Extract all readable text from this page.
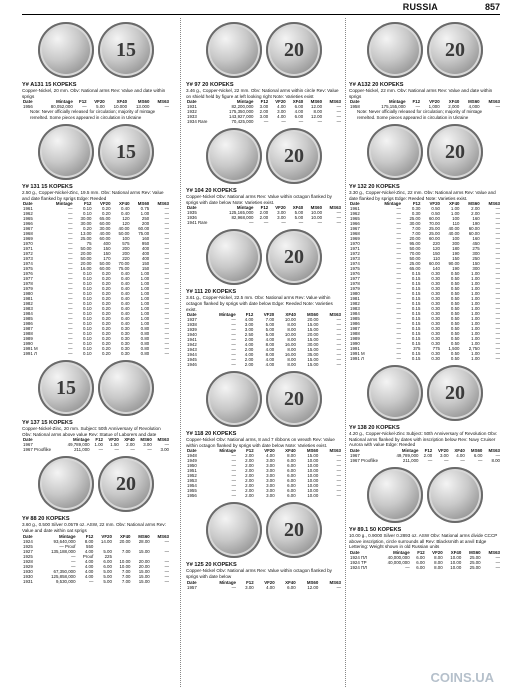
RUSSIA	857
15
Y# A131 15 KOPEKS
Copper-Nickel, 20 mm. Obv: National arms Rev: Value and date within sprigs
Date	Mintage	F12	VF20	XF40	MS60	MS63
1956	80,052,000	—	5.00	10.000	13.000	—
Note: Never officially released for circulation; majority of mintage remelted. Some pieces appeared in circulation in Ukraine
15
Y# 131 15 KOPEKS
2.50 g., Copper-Nickel-Zinc, 19.5 mm. Obv: National arms Rev: Value and date flanked by sprigs Edge: Reeded
Date	Mintage	F12	VF20	XF40	MS60	MS63
1961	—	0.10	0.20	0.40	0.75	—
1962	—	0.10	0.20	0.40	1.00	—
1965	—	30.00	65.00	120	250	—
1966	—	30.00	60.00	120	200	—
1967	—	0.20	30.00	40.00	60.00	—
1968	—	13.00	40.00	50.00	75.00	—
1969	—	25.00	60.00	100	160	—
1970	—	75	400	575	950	—
1971	—	50.00	150	200	400	—
1972	—	20.00	150	200	400	—
1973	—	50.00	170	220	400	—
1974	—	20.00	50.00	70.00	150	—
1975	—	16.00	60.00	75.00	150	—
1976	—	0.10	0.20	0.40	1.00	—
1977	—	0.10	0.20	0.40	1.00	—
1978	—	0.10	0.20	0.40	1.00	—
1979	—	0.10	0.20	0.40	1.00	—
1980	—	0.10	0.20	0.40	1.00	—
1981	—	0.10	0.20	0.40	1.00	—
1982	—	0.10	0.20	0.40	1.00	—
1983	—	0.10	0.20	0.40	1.00	—
1984	—	0.10	0.20	0.40	1.00	—
1985	—	0.10	0.20	0.40	1.00	—
1986	—	0.10	0.20	0.40	1.00	—
1987	—	0.10	0.20	0.30	0.80	—
1988	—	0.10	0.20	0.30	0.80	—
1989	—	0.10	0.20	0.30	0.80	—
1990	—	0.10	0.20	0.30	0.80	—
1991 M	—	0.10	0.20	0.30	0.80	—
1991 Л	—	0.10	0.20	0.30	0.80	—
15
Y# 137 15 KOPEKS
Copper-Nickel-Zinc, 20 mm. Subject: 50th Anniversary of Revolution Obv: National arms above value Rev: Statue of Laborers and date
Date	Mintage	F12	VF20	XF40	MS60	MS63
1967	49,789,000	1.00	1.50	2.00	3.00	—
1967 Prooflike	211,000	—	—	—	—	3.00
20
Y# 88 20 KOPEKS
3.60 g., 0.500 Silver 0.0579 oz. ASW, 22 mm. Obv: National arms Rev: Value and date within oat sprigs
Date	Mintage	F12	VF20	XF40	MS60	MS63
1924	93,640,000	8.00	14.00	20.00	28.00	—
1925	— Proof	550				
1927	135,188,000	4.00	5.00	7.00	15.00	—
1925	—	Proof	225			
1928	—	4.00	6.00	10.00	20.00	—
1929	—	4.00	6.00	10.00	20.00	—
1930	67,350,000	4.00	5.00	7.00	15.00	—
1930	125,858,000	4.00	5.00	7.00	15.00	—
1931	9,530,000	—	5.00	7.00	15.00	—
20
Y# 97 20 KOPEKS
3.46 g., Copper-Nickel, 22 mm. Obv: National arms within circle Rev: Value on shield held by figure at left looking right Note: Varieties exist
Date	Mintage	F12	VF20	XF40	MS60	MS63
1931	82,200,000	3.00	4.00	6.00	12.00	—
1932	175,350,000	2.00	3.00	4.00	8.00	—
1933	143,927,000	3.00	4.00	6.00	12.00	—
1934 Rare	70,425,000	—	—	—	—	—
20
Y# 104 20 KOPEKS
Copper-Nickel Obv: National arms Rev: Value within octagon flanked by sprigs with date below Note: Varieties exist.
Date	Mintage	F12	VF20	XF40	MS60	MS63
1935	125,165,000	2.00	3.00	5.00	10.00	—
1936	82,968,000	2.00	3.00	5.00	10.00	—
1941 Rare	—	—	—	—	—	—
20
Y# 111 20 KOPEKS
3.61 g., Copper-Nickel, 22.5 mm. Obv: National arms Rev: Value within octagon flanked by sprigs with date below Edge: Reeded Note: Varieties exist.
Date	Mintage	F12	VF20	XF40	MS60	MS63
1937	—	4.00	7.00	10.00	20.00	—
1938	—	3.00	5.00	8.00	15.00	—
1939	—	3.00	5.00	8.00	15.00	—
1940	—	2.50	5.00	10.00	20.00	—
1941	—	2.00	4.00	8.00	15.00	—
1942	—	4.00	8.00	16.00	30.00	—
1943	—	2.00	4.00	8.00	15.00	—
1944	—	4.00	8.00	16.00	35.00	—
1945	—	2.00	4.00	8.00	15.00	—
1946	—	2.00	4.00	8.00	15.00	—
20
Y# 118 20 KOPEKS
Copper-Nickel Obv: National arms, 8 and 7 ribbons on wreath Rev: Value within octagon flanked by sprigs with date below Note: Varieties exist.
Date	Mintage	F12	VF20	XF40	MS60	MS63
1948	—	2.00	4.00	8.00	15.00	—
1949	—	2.00	3.00	6.00	10.00	—
1950	—	2.00	3.00	6.00	10.00	—
1951	—	2.00	3.00	6.00	10.00	—
1952	—	2.00	3.00	6.00	10.00	—
1953	—	2.00	3.00	6.00	10.00	—
1954	—	2.00	3.00	6.00	10.00	—
1955	—	2.00	3.00	6.00	10.00	—
1956	—	2.00	3.00	6.00	10.00	—
20
Y# 125 20 KOPEKS
Copper-Nickel Obv: National arms Rev: Value within octagon flanked by sprigs with date below
Date	Mintage	F12	VF20	XF40	MS60	MS63
1957	—	3.00	4.00	6.00	12.00	—
20
Y# A132 20 KOPEKS
Copper-Nickel, 22 mm. Obv: National arms Rev: Value and date within sprigs
Date	Mintage	F12	VF20	XF40	MS60	MS63
1958	175,155,000	—	1,000	2,000	4,000	—
Note: Never officially released for circulation; majority of mintage remelted. Some pieces appeared in circulation in Ukraine
20
Y# 132 20 KOPEKS
3.30 g., Copper-Nickel-Zinc, 22 mm. Obv: National arms Rev: Value and date flanked by sprigs Edge: Reeded Note: Varieties exist.
Date	Mintage	F12	VF20	XF40	MS60	MS63
1961	—	0.30	0.50	1.00	2.00	—
1962	—	0.30	0.50	1.00	2.00	—
1965	—	25.00	60.00	100	160	—
1966	—	30.00	70.00	110	190	—
1967	—	7.00	25.00	40.00	60.00	—
1968	—	7.00	25.00	40.00	60.00	—
1969	—	20.00	60.00	100	160	—
1970	—	95.00	220	300	450	—
1971	—	50.00	120	180	275	—
1972	—	70.00	150	190	300	—
1973	—	50.00	110	150	250	—
1974	—	25.00	60.00	90.00	150	—
1975	—	65.00	140	190	300	—
1976	—	0.15	0.30	0.50	1.00	—
1977	—	0.15	0.30	0.50	1.00	—
1978	—	0.15	0.30	0.50	1.00	—
1979	—	0.15	0.30	0.50	1.00	—
1980	—	0.15	0.30	0.50	1.00	—
1981	—	0.15	0.30	0.50	1.00	—
1982	—	0.15	0.30	0.50	1.00	—
1983	—	0.15	0.30	0.50	1.00	—
1984	—	0.15	0.30	0.50	1.00	—
1985	—	0.15	0.30	0.50	1.00	—
1986	—	0.15	0.30	0.50	1.00	—
1987	—	0.15	0.30	0.50	1.00	—
1988	—	0.15	0.30	0.50	1.00	—
1989	—	0.15	0.30	0.50	1.00	—
1990	—	0.15	0.30	0.50	1.00	—
1991	—	375	775	1,500	2,750	—
1991 M	—	0.15	0.30	0.50	1.00	—
1991 Л	—	0.15	0.30	0.50	1.00	—
20
Y# 138 20 KOPEKS
4.20 g., Copper-Nickel-Zinc Subject: 50th Anniversary of Revolution Obv: National arms flanked by dates with inscription below Rev: Navy Cruiser Aurora with value Edge: Reeded
Date	Mintage	F12	VF20	XF40	MS60	MS63
1967	49,789,000	2.00	3.00	4.00	6.00	—
1967 Prooflike	211,000	—	—	—	—	8.00
Y# 89.1 50 KOPEKS
10.00 g., 0.9000 Silver 0.2893 oz. ASW Obv: National arms divide CCCP above inscription, circle surrounds all Rev: Blacksmith at anvil Edge Lettering: Weight shown in old Russian units
Date	Mintage	F12	VF20	XF40	MS60	MS63
1924 ПЛ	40,000,000	6.00	8.00	10.00	25.00	—
1924 ТР	40,000,000	6.00	8.00	10.00	25.00	—
1924 ПЛ	—	6.00	8.00	10.00	25.00	—
COINS.UA
